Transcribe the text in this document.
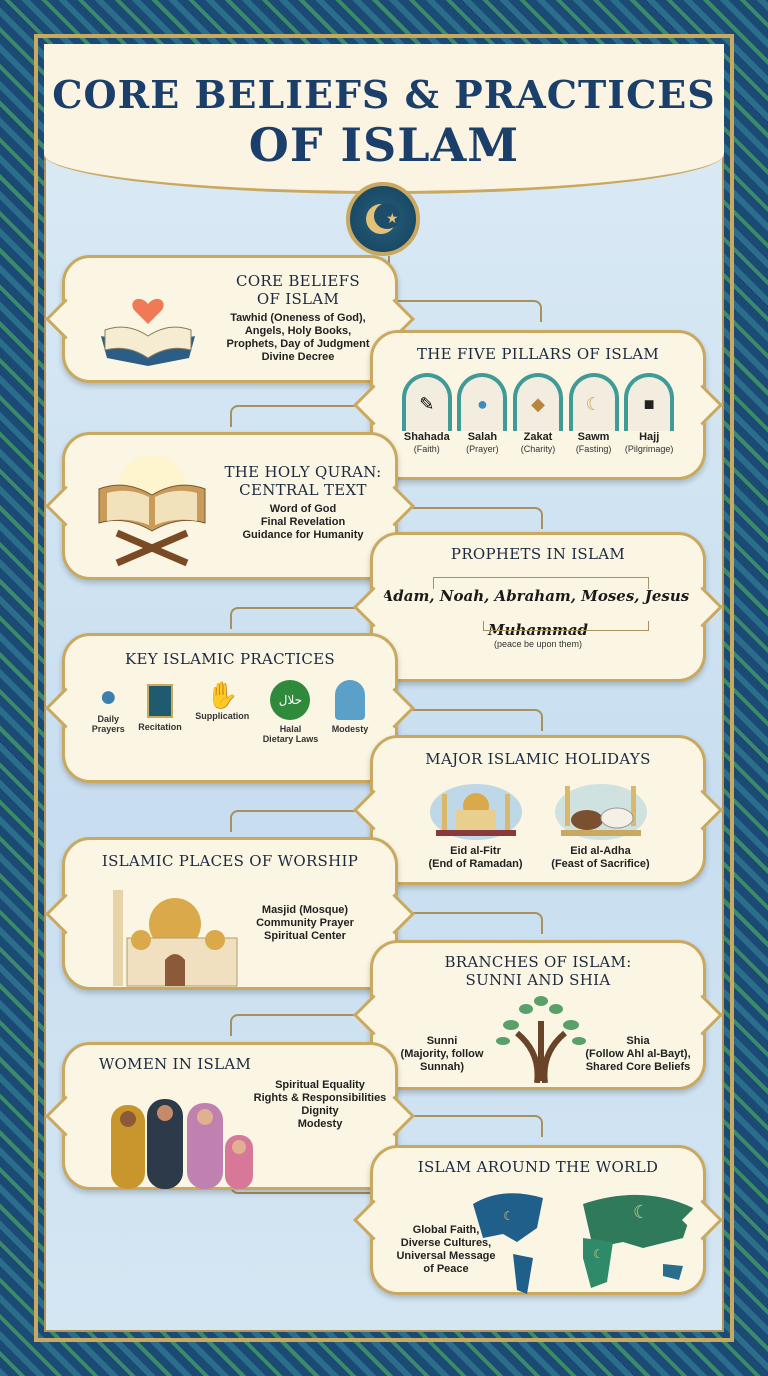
CORE BELIEFS & PRACTICES
OF ISLAM
★
CORE BELIEFS
OF ISLAM
Tawhid (Oneness of God),
Angels, Holy Books,
Prophets, Day of Judgment
Divine Decree	THE FIVE PILLARS OF ISLAM
✎
Shahada
(Faith)
●
Salah
(Prayer)
◆
Zakat
(Charity)
☾
Sawm
(Fasting)
■
Hajj
(Pilgrimage)
THE HOLY QURAN:
CENTRAL TEXT
Word of God
Final Revelation
Guidance for Humanity
PROPHETS IN ISLAM
Adam, Noah, Abraham, Moses, Jesus.
Muhammad
(peace be upon them)
KEY ISLAMIC PRACTICES
●
Daily
Prayers Recitation
✋
Supplication
حلال
Halal
Dietary Laws
Modesty
MAJOR ISLAMIC HOLIDAYS
Eid al-Fitr
(End of Ramadan)
Eid al-Adha
(Feast of Sacrifice)
ISLAMIC PLACES OF WORSHIP
Masjid (Mosque)
Community Prayer
Spiritual Center
BRANCHES OF ISLAM:
SUNNI AND SHIA
Sunni
(Majority, follow
Sunnah)
Shia
(Follow Ahl al-Bayt),
Shared Core Beliefs
WOMEN IN ISLAM
Spiritual Equality
Rights & Responsibilities
Dignity
Modesty
ISLAM AROUND THE WORLD
☾
☾
☾
Global Faith,
Diverse Cultures,
Universal Message
of Peace
